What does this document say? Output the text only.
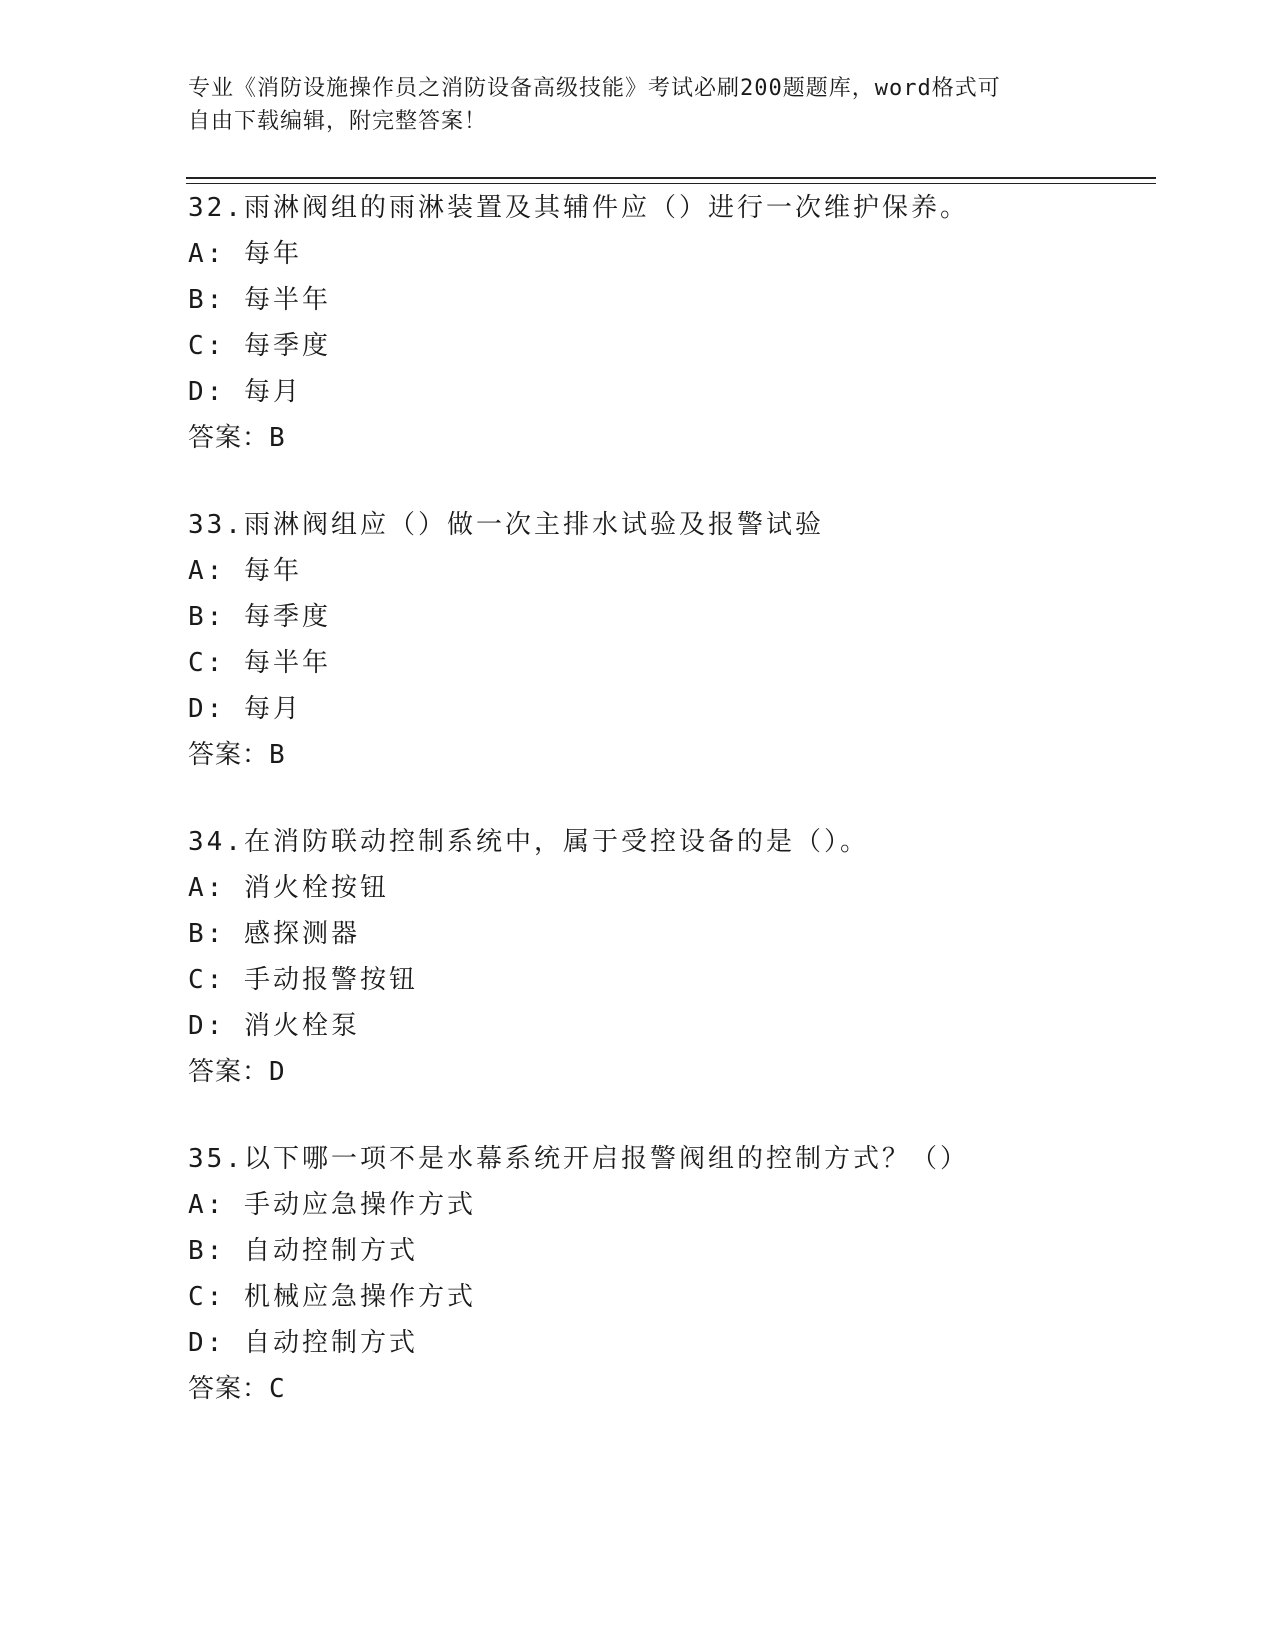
专业《消防设施操作员之消防设备高级技能》考试必刷200题题库，word格式可

自由下载编辑，附完整答案！

32.雨淋阀组的雨淋装置及其辅件应（）进行一次维护保养。
A: 每年
B: 每半年
C: 每季度
D: 每月
答案：B
33.雨淋阀组应（）做一次主排水试验及报警试验
A: 每年
B: 每季度
C: 每半年
D: 每月
答案：B
34.在消防联动控制系统中，属于受控设备的是（）。
A: 消火栓按钮
B: 感探测器
C: 手动报警按钮
D: 消火栓泵
答案：D
35.以下哪一项不是水幕系统开启报警阀组的控制方式？（）
A: 手动应急操作方式
B: 自动控制方式
C: 机械应急操作方式
D: 自动控制方式
答案：C
